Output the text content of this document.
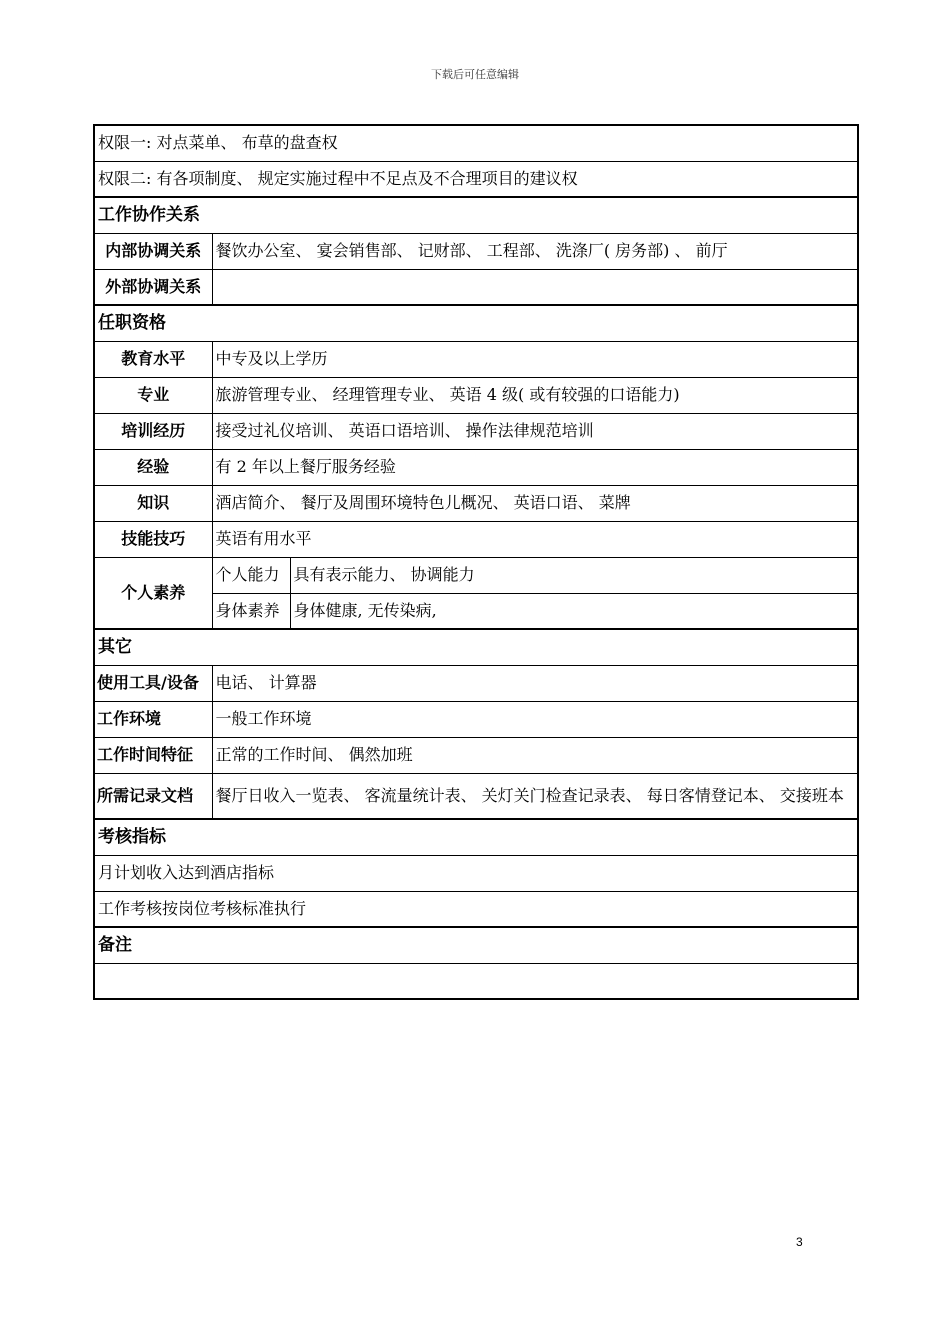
下载后可任意编辑
权限一: 对点菜单、 布草的盘查权		
权限二: 有各项制度、 规定实施过程中不足点及不合理项目的建议权		
工作协作关系		
内部协调关系	餐饮办公室、 宴会销售部、 记财部、 工程部、 洗涤厂( 房务部) 、 前厅	
外部协调关系		
任职资格		
教育水平	中专及以上学历	
专业	旅游管理专业、 经理管理专业、 英语 4 级( 或有较强的口语能力)	
培训经历	接受过礼仪培训、 英语口语培训、 操作法律规范培训	
经验	有 2 年以上餐厅服务经验	
知识	酒店简介、 餐厅及周围环境特色儿概况、 英语口语、 菜牌	
技能技巧	英语有用水平	
个人素养	个人能力	具有表示能力、 协调能力
	身体素养	身体健康, 无传染病,
其它		
使用工具/设备	电话、 计算器	
工作环境	一般工作环境	
工作时间特征	正常的工作时间、 偶然加班	
所需记录文档	餐厅日收入一览表、 客流量统计表、 关灯关门检查记录表、 每日客情登记本、 交接班本	
考核指标		
月计划收入达到酒店指标		
工作考核按岗位考核标准执行		
备注		

3
